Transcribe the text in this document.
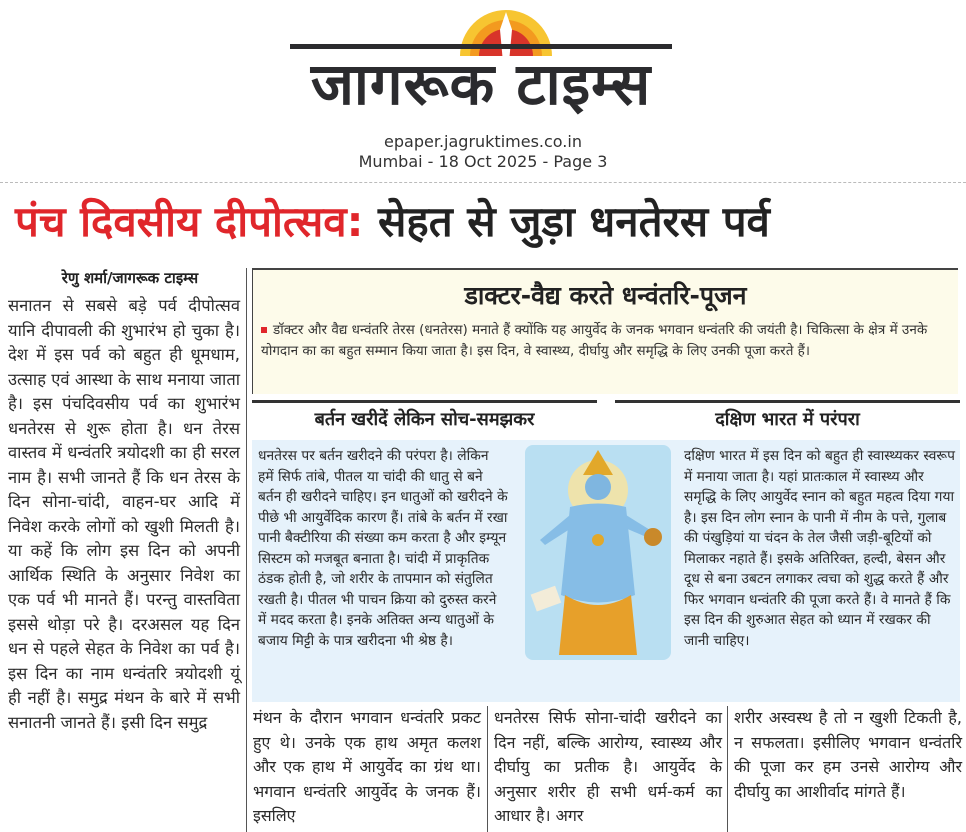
जागरूक टाइम्स
epaper.jagruktimes.co.in
Mumbai - 18 Oct 2025 - Page 3
पंच दिवसीय दीपोत्सव: सेहत से जुड़ा धनतेरस पर्व
रेणु शर्मा/जागरूक टाइम्स
सनातन से सबसे बड़े पर्व दीपोत्सव यानि दीपावली की शुभारंभ हो चुका है। देश में इस पर्व को बहुत ही धूमधाम, उत्साह एवं आस्था के साथ मनाया जाता है। इस पंचदिवसीय पर्व का शुभारंभ धनतेरस से शुरू होता है। धन तेरस वास्तव में धन्वंतरि त्रयोदशी का ही सरल नाम है। सभी जानते हैं कि धन तेरस के दिन सोना-चांदी, वाहन-घर आदि में निवेश करके लोगों को खुशी मिलती है। या कहें कि लोग इस दिन को अपनी आर्थिक स्थिति के अनुसार निवेश का एक पर्व भी मानते हैं। परन्तु वास्तविता इससे थोड़ा परे है। दरअसल यह दिन धन से पहले सेहत के निवेश का पर्व है। इस दिन का नाम धन्वंतरि त्रयोदशी यूं ही नहीं है। समुद्र मंथन के बारे में सभी सनातनी जानते हैं। इसी दिन समुद्र
डाक्टर-वैद्य करते धन्वंतरि-पूजन
डॉक्टर और वैद्य धन्वंतरि तेरस (धनतेरस) मनाते हैं क्योंकि यह आयुर्वेद के जनक भगवान धन्वंतरि की जयंती है। चिकित्सा के क्षेत्र में उनके योगदान का का बहुत सम्मान किया जाता है। इस दिन, वे स्वास्थ्य, दीर्घायु और समृद्धि के लिए उनकी पूजा करते हैं।
बर्तन खरीदें लेकिन सोच-समझकर	दक्षिण भारत में परंपरा
धनतेरस पर बर्तन खरीदने की परंपरा है। लेकिन हमें सिर्फ तांबे, पीतल या चांदी की धातु से बने बर्तन ही खरीदने चाहिए। इन धातुओं को खरीदने के पीछे भी आयुर्वेदिक कारण हैं। तांबे के बर्तन में रखा पानी बैक्टीरिया की संख्या कम करता है और इम्यून सिस्टम को मजबूत बनाता है। चांदी में प्राकृतिक ठंडक होती है, जो शरीर के तापमान को संतुलित रखती है। पीतल भी पाचन क्रिया को दुरुस्त करने में मदद करता है। इनके अतिक्त अन्य धातुओं के बजाय मिट्टी के पात्र खरीदना भी श्रेष्ठ है।
दक्षिण भारत में इस दिन को बहुत ही स्वास्थ्यकर स्वरूप में मनाया जाता है। यहां प्रातःकाल में स्वास्थ्य और समृद्धि के लिए आयुर्वेद स्नान को बहुत महत्व दिया गया है। इस दिन लोग स्नान के पानी में नीम के पत्ते, गुलाब की पंखुड़ियां या चंदन के तेल जैसी जड़ी-बूटियों को मिलाकर नहाते हैं। इसके अतिरिक्त, हल्दी, बेसन और दूध से बना उबटन लगाकर त्वचा को शुद्ध करते हैं और फिर भगवान धन्वंतरि की पूजा करते हैं। वे मानते हैं कि इस दिन की शुरुआत सेहत को ध्यान में रखकर की जानी चाहिए।
मंथन के दौरान भगवान धन्वंतरि प्रकट हुए थे। उनके एक हाथ अमृत कलश और एक हाथ में आयुर्वेद का ग्रंथ था। भगवान धन्वंतरि आयुर्वेद के जनक हैं। इसलिए
धनतेरस सिर्फ सोना-चांदी खरीदने का दिन नहीं, बल्कि आरोग्य, स्वास्थ्य और दीर्घायु का प्रतीक है। आयुर्वेद के अनुसार शरीर ही सभी धर्म-कर्म का आधार है। अगर
शरीर अस्वस्थ है तो न खुशी टिकती है, न सफलता। इसीलिए भगवान धन्वंतरि की पूजा कर हम उनसे आरोग्य और दीर्घायु का आशीर्वाद मांगते हैं।
